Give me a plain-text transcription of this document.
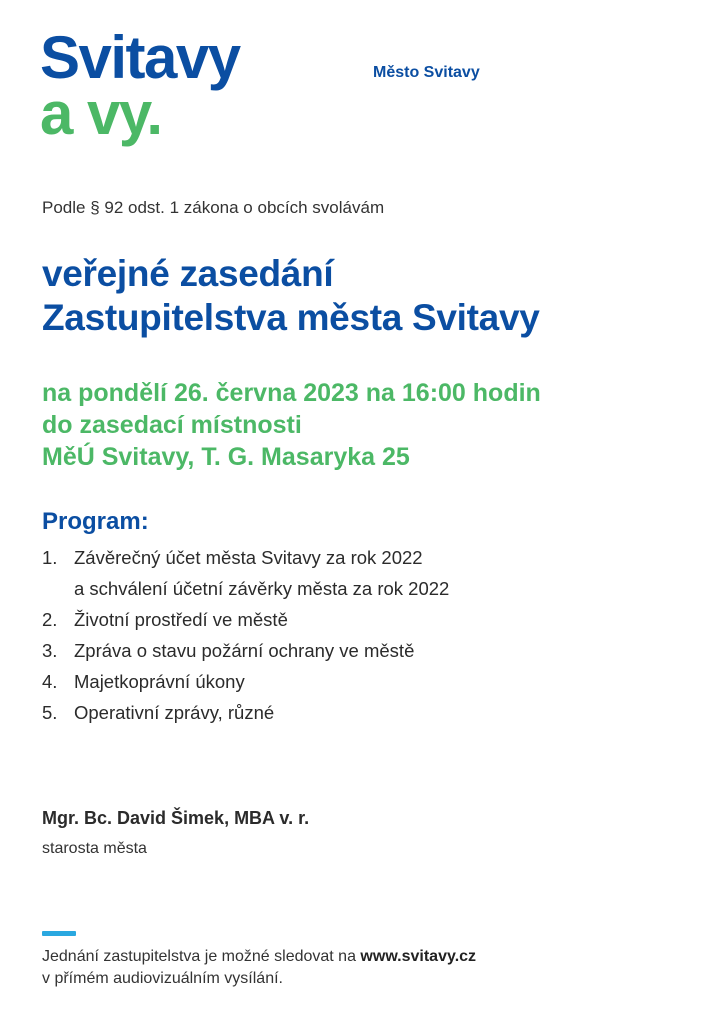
Svitavy
a vy.
Město Svitavy

Podle § 92 odst. 1 zákona o obcích svolávám

veřejné zasedání
Zastupitelstva města Svitavy
na pondělí 26. června 2023 na 16:00 hodin
do zasedací místnosti
MěÚ Svitavy, T. G. Masaryka 25
Program:
1. Závěrečný účet města Svitavy za rok 2022
a schválení účetní závěrky města za rok 2022
2. Životní prostředí ve městě
3. Zpráva o stavu požární ochrany ve městě
4. Majetkoprávní úkony
5. Operativní zprávy, různé
Mgr. Bc. David Šimek, MBA v. r.
starosta města
Jednání zastupitelstva je možné sledovat na www.svitavy.cz
v přímém audiovizuálním vysílání.
